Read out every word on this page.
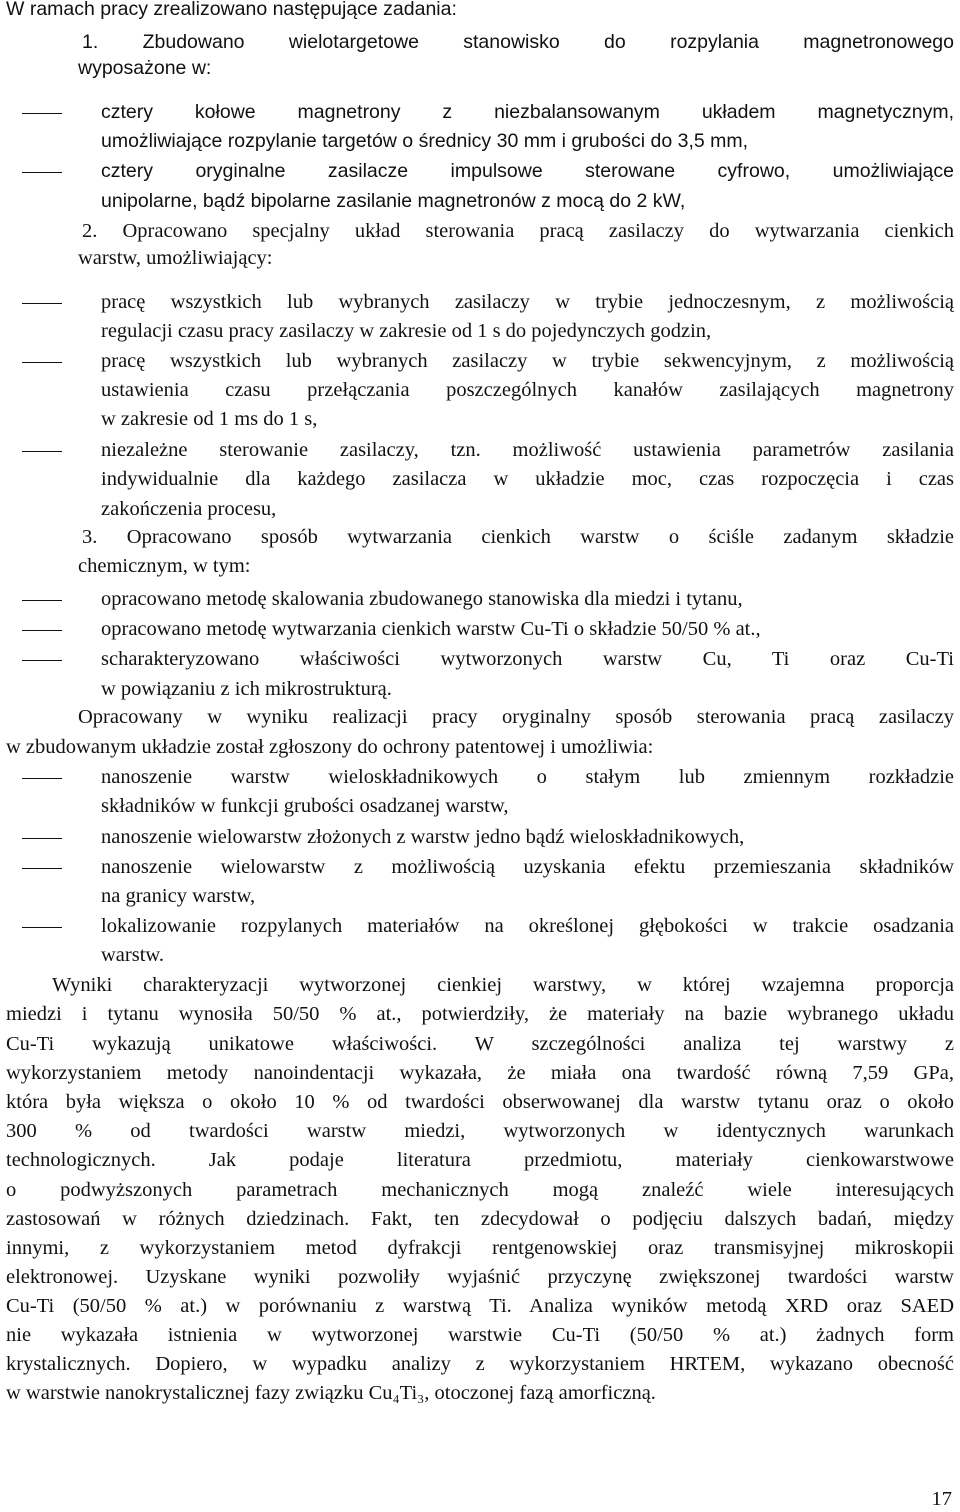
W ramach pracy zrealizowano następujące zadania:
1. Zbudowano wielotargetowe stanowisko do rozpylania magnetronowego
wyposażone w:
cztery kołowe magnetrony z niezbalansowanym układem magnetycznym,
umożliwiające rozpylanie targetów o średnicy 30 mm i grubości do 3,5 mm,
cztery oryginalne zasilacze impulsowe sterowane cyfrowo, umożliwiające
unipolarne, bądź bipolarne zasilanie magnetronów z mocą do 2 kW,
2. Opracowano specjalny układ sterowania pracą zasilaczy do wytwarzania cienkich
warstw, umożliwiający:
pracę wszystkich lub wybranych zasilaczy w trybie jednoczesnym, z możliwością
regulacji czasu pracy zasilaczy w zakresie od 1 s do pojedynczych godzin,
pracę wszystkich lub wybranych zasilaczy w trybie sekwencyjnym, z możliwością
ustawienia czasu przełączania poszczególnych kanałów zasilających magnetrony
w zakresie od 1 ms do 1 s,
niezależne sterowanie zasilaczy, tzn. możliwość ustawienia parametrów zasilania
indywidualnie dla każdego zasilacza w układzie moc, czas rozpoczęcia i czas
zakończenia procesu,
3. Opracowano sposób wytwarzania cienkich warstw o ściśle zadanym składzie
chemicznym, w tym:
opracowano metodę skalowania zbudowanego stanowiska dla miedzi i tytanu,
opracowano metodę wytwarzania cienkich warstw Cu-Ti o składzie 50/50 % at.,
scharakteryzowano właściwości wytworzonych warstw Cu, Ti oraz Cu-Ti
w powiązaniu z ich mikrostrukturą.
Opracowany w wyniku realizacji pracy oryginalny sposób sterowania pracą zasilaczy
w zbudowanym układzie został zgłoszony do ochrony patentowej i umożliwia:
nanoszenie warstw wieloskładnikowych o stałym lub zmiennym rozkładzie
składników w funkcji grubości osadzanej warstw,
nanoszenie wielowarstw złożonych z warstw jedno bądź wieloskładnikowych,
nanoszenie wielowarstw z możliwością uzyskania efektu przemieszania składników
na granicy warstw,
lokalizowanie rozpylanych materiałów na określonej głębokości w trakcie osadzania
warstw.
Wyniki charakteryzacji wytworzonej cienkiej warstwy, w której wzajemna proporcja
miedzi i tytanu wynosiła 50/50 % at., potwierdziły, że materiały na bazie wybranego układu
Cu-Ti wykazują unikatowe właściwości. W szczególności analiza tej warstwy z
wykorzystaniem metody nanoindentacji wykazała, że miała ona twardość równą 7,59 GPa,
która była większa o około 10 % od twardości obserwowanej dla warstw tytanu oraz o około
300 % od twardości warstw miedzi, wytworzonych w identycznych warunkach
technologicznych. Jak podaje literatura przedmiotu, materiały cienkowarstwowe
o podwyższonych parametrach mechanicznych mogą znaleźć wiele interesujących
zastosowań w różnych dziedzinach. Fakt, ten zdecydował o podjęciu dalszych badań, między
innymi, z wykorzystaniem metod dyfrakcji rentgenowskiej oraz transmisyjnej mikroskopii
elektronowej. Uzyskane wyniki pozwoliły wyjaśnić przyczynę zwiększonej twardości warstw
Cu-Ti (50/50 % at.) w porównaniu z warstwą Ti. Analiza wyników metodą XRD oraz SAED
nie wykazała istnienia w wytworzonej warstwie Cu-Ti (50/50 % at.) żadnych form
krystalicznych. Dopiero, w wypadku analizy z wykorzystaniem HRTEM, wykazano obecność
w warstwie nanokrystalicznej fazy związku Cu₄Ti₃, otoczonej fazą amorficzną.
17
